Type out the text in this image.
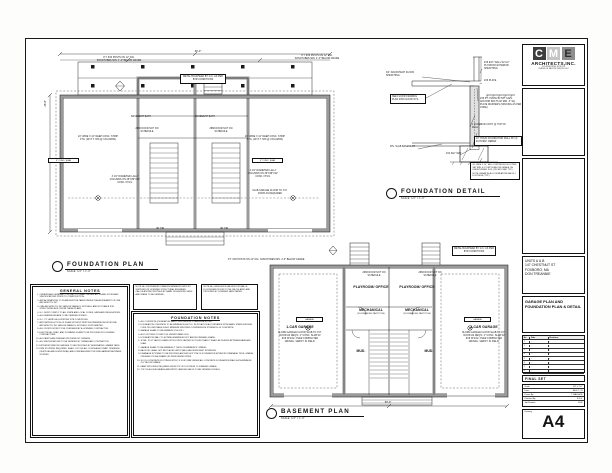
60'-0"
26'-8"
P.T. 6X6 POSTS ON 12" DIA. SONOTUBES MIN. 4'-0" BELOW GRADE
P.T. 6X6 POSTS ON 12" DIA. SONOTUBES MIN. 4'-0" BELOW GRADE
METAL BULKHEAD BY G.C. AS PER BTR CONDITIONS
BASEMENT BATH	BASEMENT BATH
2868 DOOR NOT ON SCHEDULE
2868 DOOR NOT ON SCHEDULE
24" WIDE X 12" DEEP CONC. STRIP FTG. (W/ P.T. 6X6 @ COLUMNS)
24" WIDE X 12" DEEP CONC. STRIP FTG. (W/ P.T. 6X6 @ COLUMNS)
3 1/2" DIAMETER LALLY COLUMNS ON 36"X36"X12" CONC. FTGS.
3 1/2" DIAMETER LALLY COLUMNS ON 36"X36"X12" CONC. FTGS.
UP 13R	UP 13R
SLAB GARAGE FLOOR TO O.H. DOOR AS REQUIRED
4" CONC. SLAB	4" CONC. SLAB
FOUNDATION PLAN
SCALE: 1/4" = 1'-0"
P.T. 6X6 POSTS ON 12" DIA. SONOTUBES MIN. 4'-0" BELOW GRADE
3/4" ADVANTECH FLOOR SHEATHING
2X6 EXT. WALL W/ 1/2" PLYWOOD EXTERIOR SHEATHING
2X6 PLATE
SEE FLOOR FRAMING PLAN FOR FLOOR SYS.	2X6 P.T. PLATE W/ 5/8" GALV. ANCHOR BOLTS W/ MIN. 3" SQ. PLATE WASHERS (SPACING AS PER CODE)
1 #4 REBAR CONT. @ TOP OF WALL
10" POUR FOUNDATION WALL W/ (3) #4 HORIZ. REBAR
FIN. SLAB BASEMENT
2X4 KEY WAY
20" WIDE X 10" TALL CONTINUOUS FOOTING SET MIN. 4'-0" DEPTH BELOW GRADE ON UNDISTURBED SOIL (2X4 KEY WAY TYP.)
NOTE: REBAR IN ALL FOUNDATION WALLS / FOOTINGS (TYP.)
FOUNDATION DETAIL
SCALE: 1/2" = 1'-0"
METAL BULKHEAD BY G.C. AS PER BTR CONDITIONS
2668 DOOR NOT ON SCHEDULE
2668 DOOR NOT ON SCHEDULE
PLAYROOM/ OFFICE	PLAYROOM/ OFFICE
MECHANICAL
(2X4 BEARING PARTITION)
MECHANICAL
(2X4 BEARING PARTITION)
MUD.	MUD.
1-CAR GARAGE
SLOPE GARAGE FLOOR SLAB TO O.H. DOOR AS REQ'D. 4" CONC. SLAB W/ 6X6 W.W.M. OVER COMPACTED GRAVEL. VERIFY IN FIELD.
1-CAR GARAGE
SLOPE GARAGE FLOOR SLAB TO O.H. DOOR AS REQ'D. 4" CONC. SLAB W/ 6X6 W.W.M. OVER COMPACTED GRAVEL. VERIFY IN FIELD.
GARAGE	GARAGE
60'-0"
BASEMENT PLAN
SCALE: 1/4" = 1'-0"
GENERAL NOTES
1. OWNERS AND GENERAL CONTRACTOR SHALL REVIEW ALL PLANS, NOTES AND SPECIFICATIONS PRIOR TO CONSTRUCTION.
2. ANY ALTERATIONS TO PLANS MUST BE TAKEN UNDER THE ADVISEMENT OF CME ARCHITECTS, INC.
3. CME ARCHITECTS, INC. AND/OR DANIEL E. MITCHELL ARE NOT LIABLE FOR STRUCTURES BUILT FROM THESE PLANS.
4. G.C. MUST COMPLY TO ALL STATE AND LOCAL CODES, LAWS AND REGULATIONS.
5. ALL DIMENSIONS ARE TO BE VERIFIED IN FIELD.
6. G.C. TO VERIFY ALL EXISTING SITE CONDITIONS.
7. ANY REPRODUCTION OF PLANS WITHOUT WRITTEN PERMISSION FROM CME ARCHITECTS, INC. AND/OR DANIEL E. MITCHELL IS PROHIBITED.
8. ALL ON SITE WORK TO BE OVERSEEN BY A LICENSED CONTRACTOR.
9. ELECTRICAL, HVAC, AND PLUMBING PLANS TO BE PROVIDED BY LICENSED CONTRACTORS.
10. ALL PAINTS AND FINISHES PROVIDED BY OWNERS.
11. ALL SPECIFICATIONS TO BE VERIFIED BY OWNER AND CONTRACTOR.
12. EXTERIOR WINDOW CASINGS TO BE PROVIDED BY DESIGNATED LUMBER YARD.
13. FIRE STOPPING REQUIRED: SHALL CUT OFF ALL CONCEALED DRAFT OPENINGS (VERTICAL AND HORIZONTAL) AND FORM AN EFFECTIVE FIRE BARRIER BETWEEN STORIES.
NOTE: ALL ENGINEERED FRAMING MEMBERS SIZED BY SUPPLIER OR LICENSED STRUCTURAL ENGINEER. CALCULATIONS PROVIDED BY SAME. SUGGESTED SIZES AND SPANS TO BE VERIFIED.
NOTE: ALL INSULATION VALUES FOR WALLS, FLOORS AND ROOFS TO BE CALCULATED AND PROVIDED BY LICENSED HERS RATER.
FOUNDATION NOTES
1. ALL CONCRETE FOUNDATION WALL POUR UNLESS OTHERWISE NOTED.
2. FOUNDATION CONCRETE TO BE MINIMUM 3,000 P.S.I. IN 28 DAYS IN ACCORDANCE WITH MASS. STATE BUILDING CODE 780 CMR TABLE 5404.2 MINIMUM SPECIFIED COMPRESSIVE STRENGTH OF CONCRETE.
3. GARAGE SLABS TO BE MINIMUM 3,500 P.S.I.
4. ALL FOOTINGS TO REST ON UNDISTURBED SOIL.
5. FOUNDATION WALL TO EXTEND A MINIMUM OF 8" ABOVE FINISHED GRADE.
6. 10 MIL. POLY VAPOR GUARD WITH JOINTS LAPPED NOT LESS THAN 6" SHALL BE PLACED BETWEEN BASE AND SLAB.
7. GARAGE SLABS TO BE MINIMUM 4" THICK ON MINIMUM 6" GRAVEL.
8. BACK FILL SHALL NOT BE PLACED UNTIL WALL HAS SUFFICIENT STRENGTH.
9. DRAINAGE SYSTEMS TO BE PROVIDED AROUND BOTTOM OF FOUNDATION EITHER BY DRAINAGE TILES, GRAVEL, CRUSHED STONE DRAINS OR PERFORATED PIPES.
10. 20 X 10 CONCRETE FOOTINGS WITH 2 X 4 KEY WAY UNDER ALL CONCRETE FOUNDATION WALLS AT A MINIMUM 4'-0" BELOW GRADE.
11. DAMP PROOFING REQUIRED FROM TOP OF FOOTINGS TO FINISHED GRADE.
12. TOP OF ALL BULKHEADS AND ENTRY LANDING WALLS TO BE VERIFIED IN FIELD.
C M E
ARCHITECTS,INC.
6 PILGRIM DRIVE, SUITE 210
PLAINVILLE, MA 02762 (508) 807-5007
UNITS A & B
147 CHESTNUT ST
FOXBORO, MA
DON TREANNIE
GARAGE PLAN AND FOUNDATION PLAN & DETAIL
No.	Date	Revisions
1	-	-
2	-	-
3	-	-
4	-	-
5	-	-
6	-	-
7	-	-
8	-	-
FINAL SET
Scale:	1/4" = 1'-0"
Date:	AUG 7, 24
Drawn By:	T. WALLACE
Checked By:	K.P.G.
Job Number:	1908
Drawing A4
